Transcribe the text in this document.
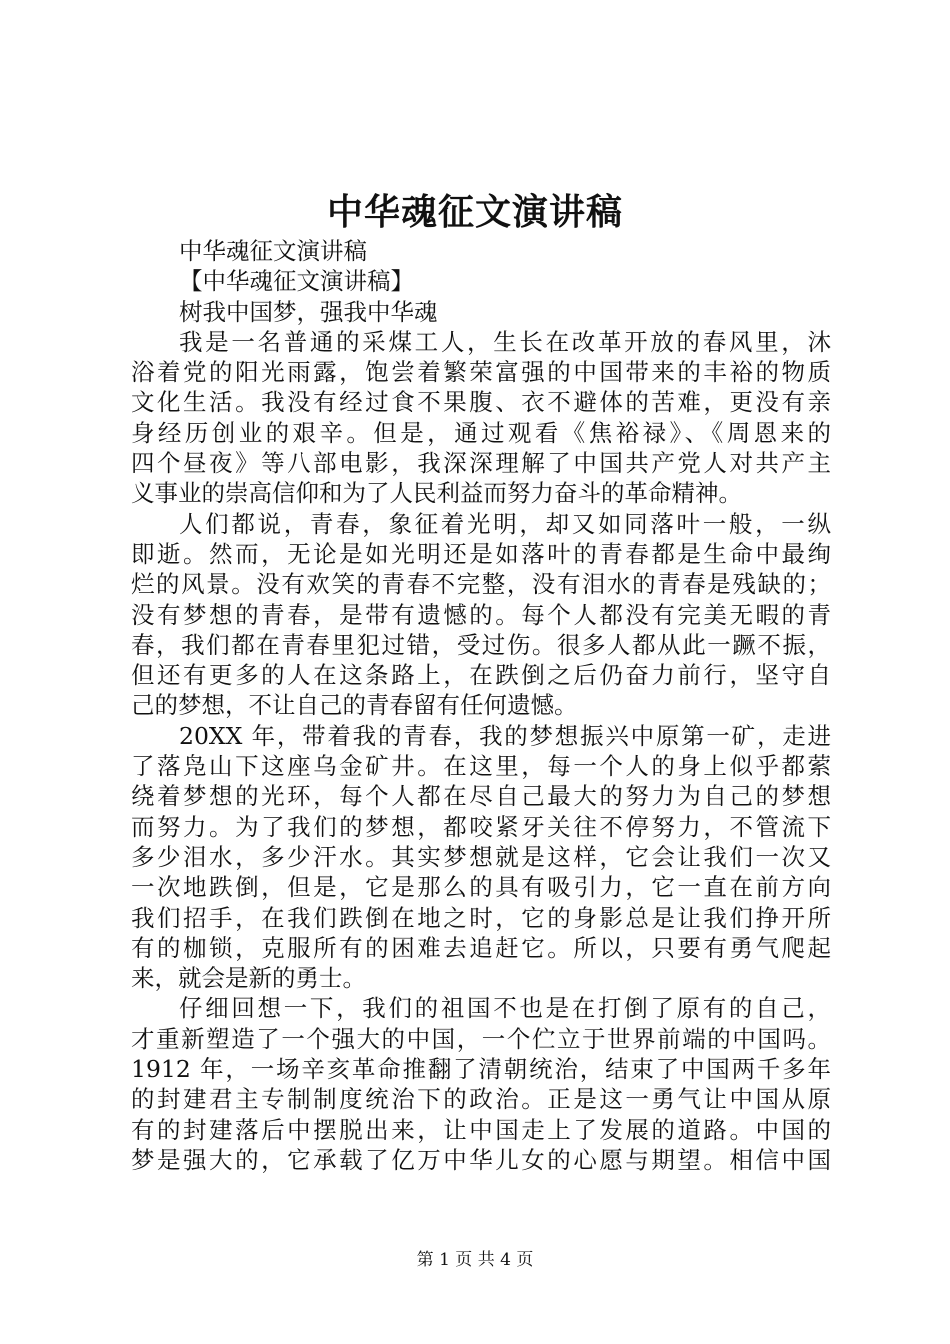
中华魂征文演讲稿
中华魂征文演讲稿
【中华魂征文演讲稿】
树我中国梦，强我中华魂
我是一名普通的采煤工人，生长在改革开放的春风里，沐
浴着党的阳光雨露，饱尝着繁荣富强的中国带来的丰裕的物质
文化生活。我没有经过食不果腹、衣不避体的苦难，更没有亲
身经历创业的艰辛。但是，通过观看《焦裕禄》、《周恩来的
四个昼夜》等八部电影，我深深理解了中国共产党人对共产主
义事业的崇高信仰和为了人民利益而努力奋斗的革命精神。
人们都说，青春，象征着光明，却又如同落叶一般，一纵
即逝。然而，无论是如光明还是如落叶的青春都是生命中最绚
烂的风景。没有欢笑的青春不完整，没有泪水的青春是残缺的；
没有梦想的青春，是带有遗憾的。每个人都没有完美无暇的青
春，我们都在青春里犯过错，受过伤。很多人都从此一蹶不振，
但还有更多的人在这条路上，在跌倒之后仍奋力前行，坚守自
己的梦想，不让自己的青春留有任何遗憾。
20XX 年，带着我的青春，我的梦想振兴中原第一矿，走进
了落凫山下这座乌金矿井。在这里，每一个人的身上似乎都萦
绕着梦想的光环，每个人都在尽自己最大的努力为自己的梦想
而努力。为了我们的梦想，都咬紧牙关往不停努力，不管流下
多少泪水，多少汗水。其实梦想就是这样，它会让我们一次又
一次地跌倒，但是，它是那么的具有吸引力，它一直在前方向
我们招手，在我们跌倒在地之时，它的身影总是让我们挣开所
有的枷锁，克服所有的困难去追赶它。所以，只要有勇气爬起
来，就会是新的勇士。
仔细回想一下，我们的祖国不也是在打倒了原有的自己，
才重新塑造了一个强大的中国，一个伫立于世界前端的中国吗。
1912 年，一场辛亥革命推翻了清朝统治，结束了中国两千多年
的封建君主专制制度统治下的政治。正是这一勇气让中国从原
有的封建落后中摆脱出来，让中国走上了发展的道路。中国的
梦是强大的，它承载了亿万中华儿女的心愿与期望。相信中国
第 1 页 共 4 页
